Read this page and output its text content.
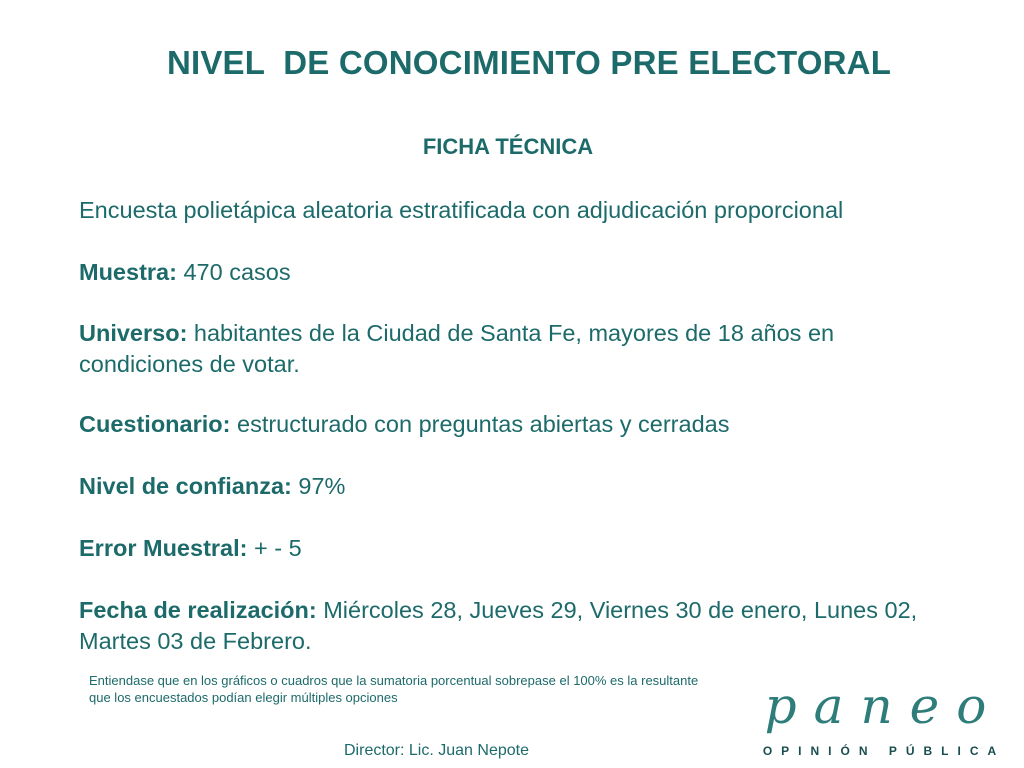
NIVEL  DE CONOCIMIENTO PRE ELECTORAL
FICHA TÉCNICA
Encuesta polietápica aleatoria estratificada con adjudicación proporcional
Muestra: 470 casos
Universo: habitantes de la Ciudad de Santa Fe, mayores de 18 años en condiciones de votar.
Cuestionario: estructurado con preguntas abiertas y cerradas
Nivel de confianza: 97%
Error Muestral: + - 5
Fecha de realización: Miércoles 28, Jueves 29, Viernes 30 de enero, Lunes 02, Martes 03 de Febrero.
Entiendase que en los gráficos o cuadros que la sumatoria porcentual sobrepase el 100% es la resultante que los encuestados podían elegir múltiples opciones
Director: Lic. Juan Nepote
paneo
OPINIÓN PÚBLICA
